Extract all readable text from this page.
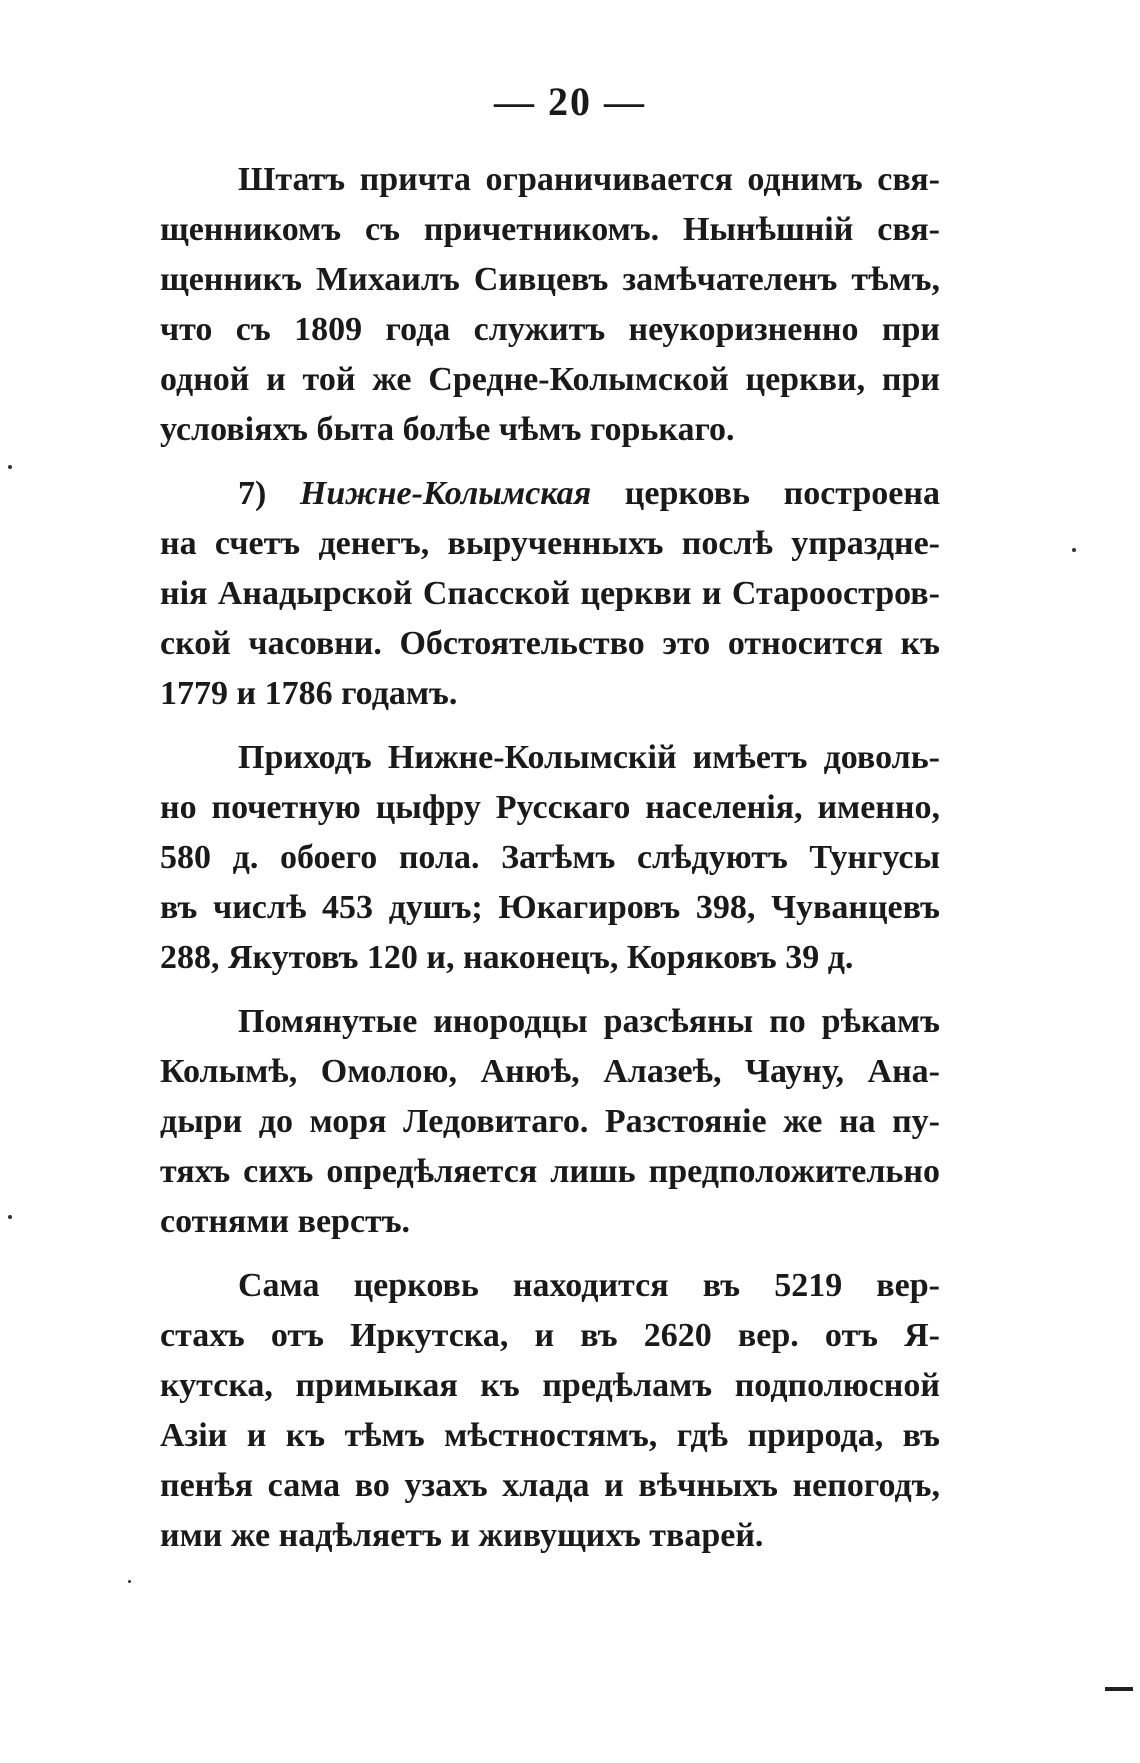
— 20 —

Штатъ причта ограничивается однимъ свя-
щенникомъ съ причетникомъ. Нынѣшній свя-
щенникъ Михаилъ Сивцевъ замѣчателенъ тѣмъ,
что съ 1809 года служитъ неукоризненно при
одной и той же Средне-Колымской церкви, при
условіяхъ быта болѣе чѣмъ горькаго.

7) Нижне-Колымская церковь построена
на счетъ денегъ, вырученныхъ послѣ упраздне-
нія Анадырской Спасской церкви и Староостров-
ской часовни. Обстоятельство это относится къ
1779 и 1786 годамъ.

Приходъ Нижне-Колымскій имѣетъ доволь-
но почетную цыфру Русскаго населенія, именно,
580 д. обоего пола. Затѣмъ слѣдуютъ Тунгусы
въ числѣ 453 душъ; Юкагировъ 398, Чуванцевъ
288, Якутовъ 120 и, наконецъ, Коряковъ 39 д.

Помянутые инородцы разсѣяны по рѣкамъ
Колымѣ, Омолою, Анюѣ, Алазеѣ, Чауну, Ана-
дыри до моря Ледовитаго. Разстояніе же на пу-
тяхъ сихъ опредѣляется лишь предположительно
сотнями верстъ.

Сама церковь находится въ 5219 вер-
стахъ отъ Иркутска, и въ 2620 вер. отъ Я-
кутска, примыкая къ предѣламъ подполюсной
Азіи и къ тѣмъ мѣстностямъ, гдѣ природа, въ
пенѣя сама во узахъ хлада и вѣчныхъ непогодъ,
ими же надѣляетъ и живущихъ тварей.
